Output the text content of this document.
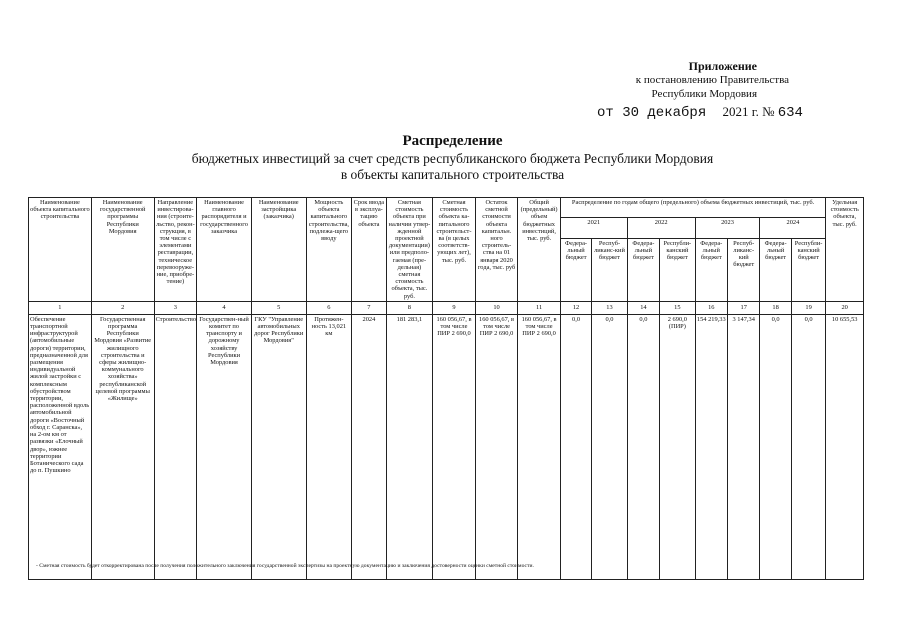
Приложение
к постановлению Правительства
Республики Мордовия
от 30 декабря 2021 г. № 634
Распределение
бюджетных инвестиций за счет средств республиканского бюджета Республики Мордовия
в объекты капитального строительства
Наименование объекта капитального строительства	Наименование государственной программы Республики Мордовия	Направление инвестирова-ния (строите-льство, рекон-струкция, в том числе с элементами реставрации, техническое перевооруже-ние, приобре-тение)	Наименование главного распорядителя и государственного заказчика	Наименование застройщика (заказчика)	Мощность объекта капитального строительства, подлежа-щего вводу	Срок ввода в эксплуа-тацию объекта	Сметная стоимость объекта при наличии утвер-жденной проектной документации) или предполо-гаемая (пре-дельная) сметная стоимость объекта, тыс. руб.	Сметная стоимость объекта ка-питального строительст-ва (в целых соответств-ующих лет), тыс. руб.	Остаток сметной стоимости объекта капитальн. ного строитель-ства на 01 января 2020 года, тыс. руб	Общий (предельный) объем бюджетных инвестиций, тыс. руб.	Распределение по годам общего (предельного) объема бюджетных инвестиций, тыс. руб.								Удельная стоимость объекта, тыс. руб.
											2021		2022		2023		2024		
											Федера-льный бюджет	Респуб-ликанс-кий бюджет	Федера-льный бюджет	Республи-канский бюджет	Федера-льный бюджет	Респуб-ликанс-кий бюджет	Федера-льный бюджет	Республи-канский бюджет	
1	2	3	4	5	6	7	8	9	10	11	12	13	14	15	16	17	18	19	20
Обеспечение транспортной инфраструктурой (автомобильные дороги) территории, предназначенной для размещения индивидуальной жилой застройки с комплексным обустройством территории, расположенной вдоль автомобильной дороги «Восточный обход г. Саранска», на 2-ом км от развязки «Елочный двор», южнее территории Ботанического сада до п. Пушкино	Государственная программа Республики Мордовия «Развитие жилищного строительства и сферы жилищно-коммунального хозяйства» республиканской целевой программы «Жилище»	Строительство	Государствен-ный комитет по транспорту и дорожному хозяйству Республики Мордовия	ГКУ "Управление автомобильных дорог Республики Мордовия"	Протяжен-ность 13,021 км	2024	181 283,1	160 056,67, в том числе ПИР 2 690,0	160 056,67, в том числе ПИР 2 690,0	160 056,67, в том числе ПИР 2 690,0	0,0	0,0	0,0	2 690,0 (ПИР)	154 219,33	3 147,34	0,0	0,0	10 655,53
- Сметная стоимость будет откорректирована после получения положительного заключения государственной экспертизы на проектную документацию и заключения достоверности оценки сметной стоимости.
